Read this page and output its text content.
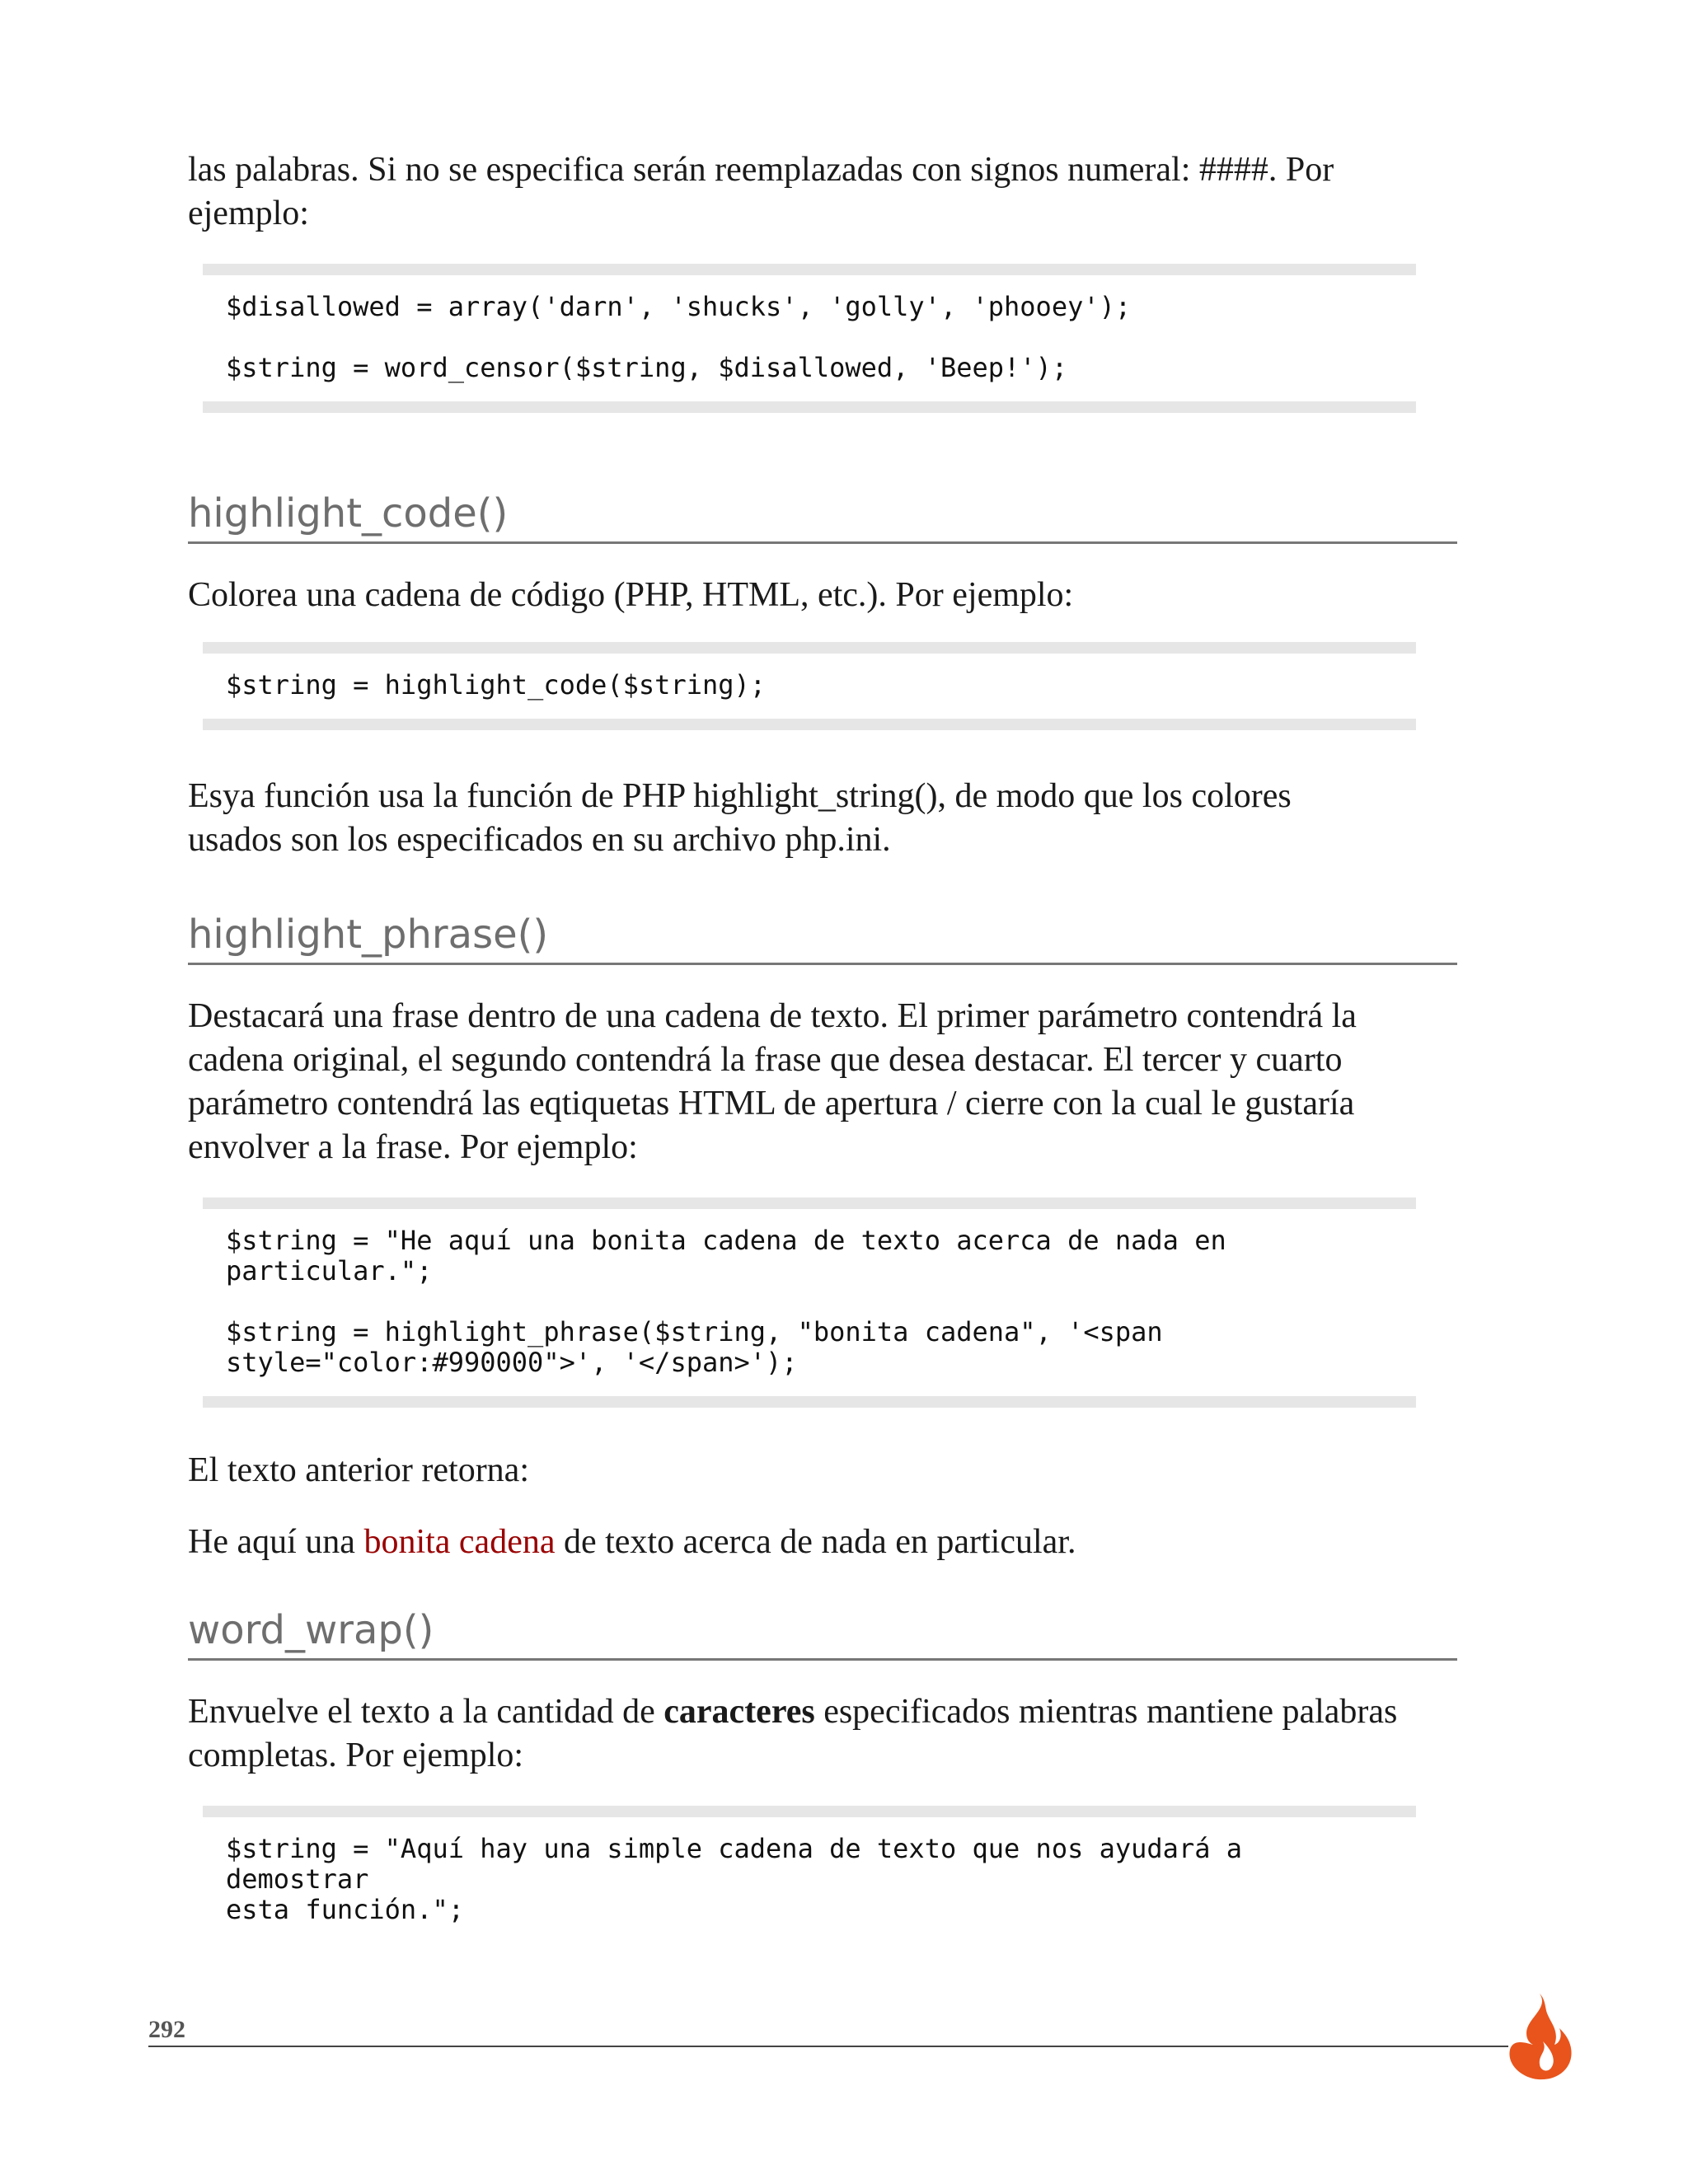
las palabras. Si no se especifica serán reemplazadas con signos numeral: ####. Por
ejemplo:

$disallowed = array('darn', 'shucks', 'golly', 'phooey');
$string = word_censor($string, $disallowed, 'Beep!');
highlight_code()

Colorea una cadena de código (PHP, HTML, etc.). Por ejemplo:

$string = highlight_code($string);

Esya función usa la función de PHP highlight_string(), de modo que los colores
usados son los especificados en su archivo php.ini.

highlight_phrase()

Destacará una frase dentro de una cadena de texto. El primer parámetro contendrá la
cadena original, el segundo contendrá la frase que desea destacar. El tercer y cuarto
parámetro contendrá las eqtiquetas HTML de apertura / cierre con la cual le gustaría
envolver a la frase. Por ejemplo:

$string = "He aquí una bonita cadena de texto acerca de nada en particular.";
$string = highlight_phrase($string, "bonita cadena", '<span
style="color:#990000">', '</span>');

El texto anterior retorna:

He aquí una bonita cadena de texto acerca de nada en particular.

word_wrap()

Envuelve el texto a la cantidad de caracteres especificados mientras mantiene palabras
completas. Por ejemplo:

$string = "Aquí hay una simple cadena de texto que nos ayudará a demostrar
esta función.";
292
